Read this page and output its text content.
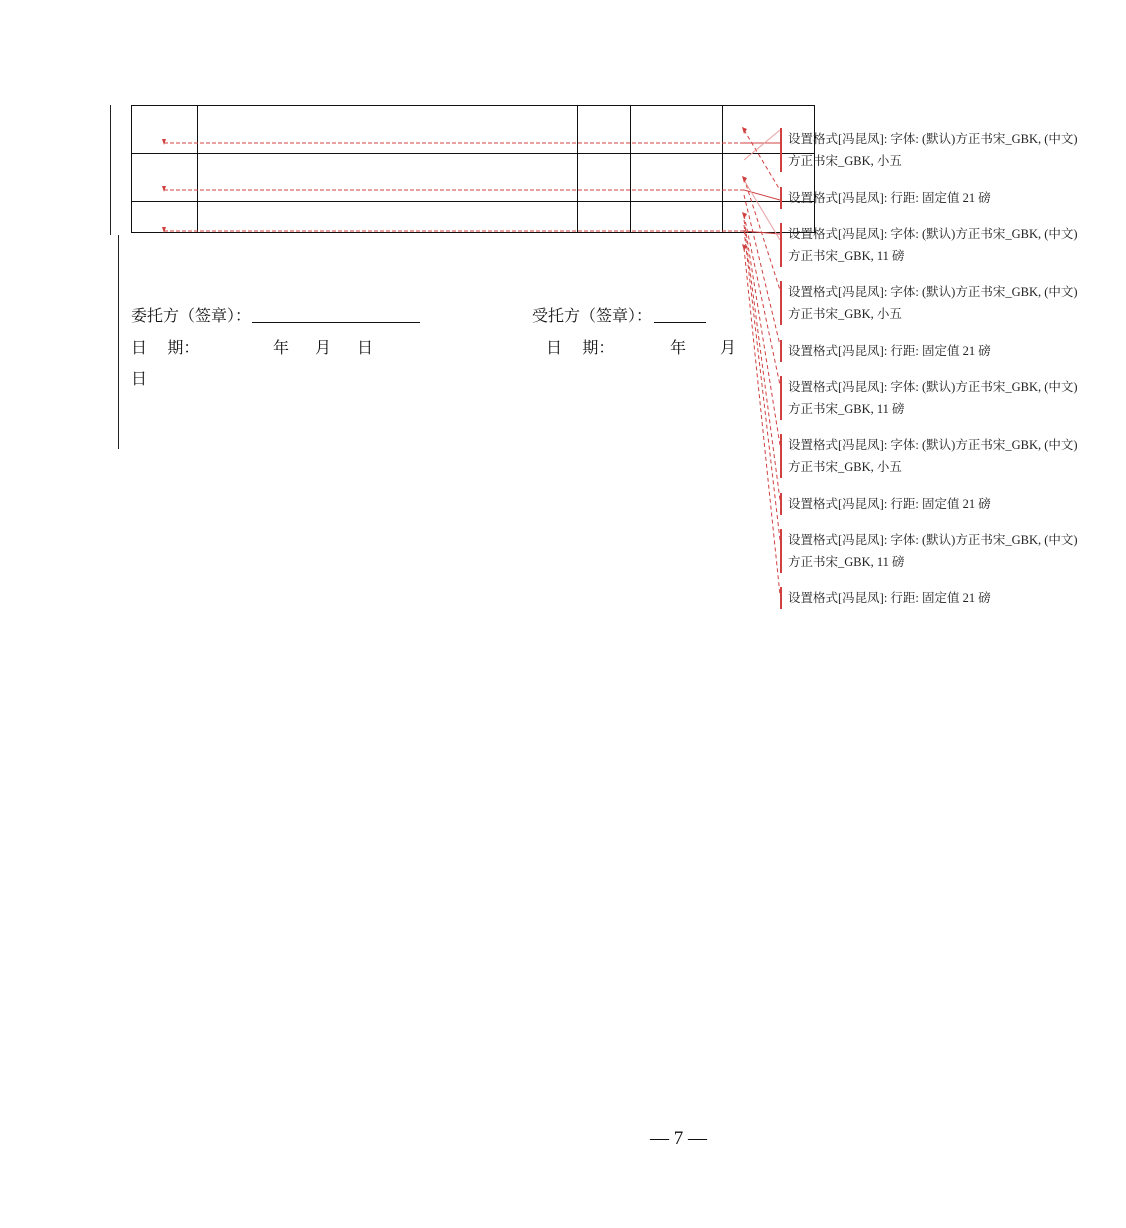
委托方（签章）：	受托方（签章）：
日    期：	年 月 日	日    期：	年 月
日
设置格式[冯昆凤]: 字体: (默认)方正书宋_GBK, (中文)
方正书宋_GBK, 小五
设置格式[冯昆凤]: 行距: 固定值 21 磅
设置格式[冯昆凤]: 字体: (默认)方正书宋_GBK, (中文)
方正书宋_GBK, 11 磅
设置格式[冯昆凤]: 字体: (默认)方正书宋_GBK, (中文)
方正书宋_GBK, 小五
设置格式[冯昆凤]: 行距: 固定值 21 磅
设置格式[冯昆凤]: 字体: (默认)方正书宋_GBK, (中文)
方正书宋_GBK, 11 磅
设置格式[冯昆凤]: 字体: (默认)方正书宋_GBK, (中文)
方正书宋_GBK, 小五
设置格式[冯昆凤]: 行距: 固定值 21 磅
设置格式[冯昆凤]: 字体: (默认)方正书宋_GBK, (中文)
方正书宋_GBK, 11 磅
设置格式[冯昆凤]: 行距: 固定值 21 磅
— 7 —
